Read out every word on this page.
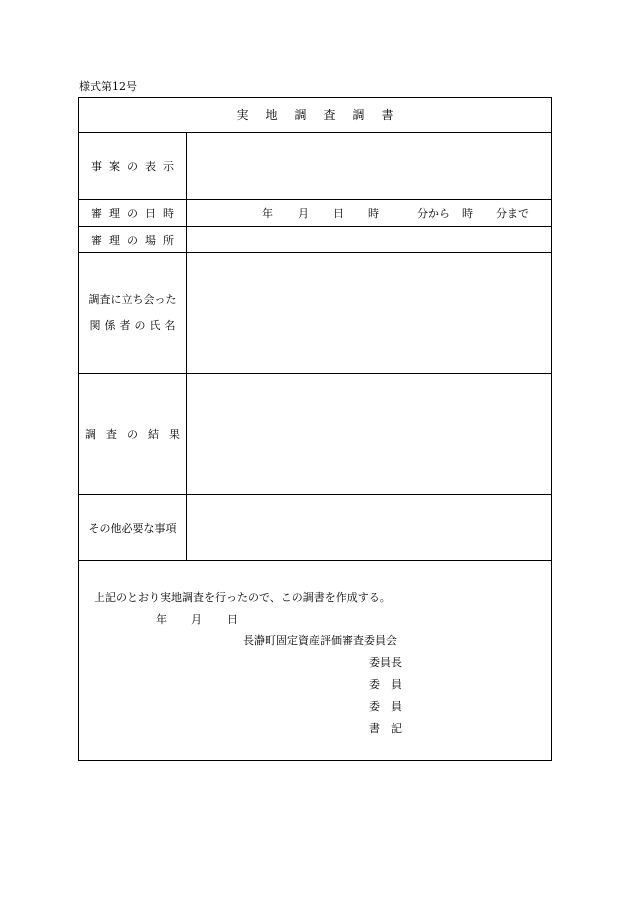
様式第12号
実地調査調書
事案の表示
審理の日時	年 月 日 時	分から 時 分まで
審理の場所
調査に立ち会った
関係者の氏名
調査の結果
その他必要な事項
上記のとおり実地調査を行ったので、この調書を作成する。
年 月 日
長瀞町固定資産評価審査委員会
委員長
委　員
委　員
書　記
